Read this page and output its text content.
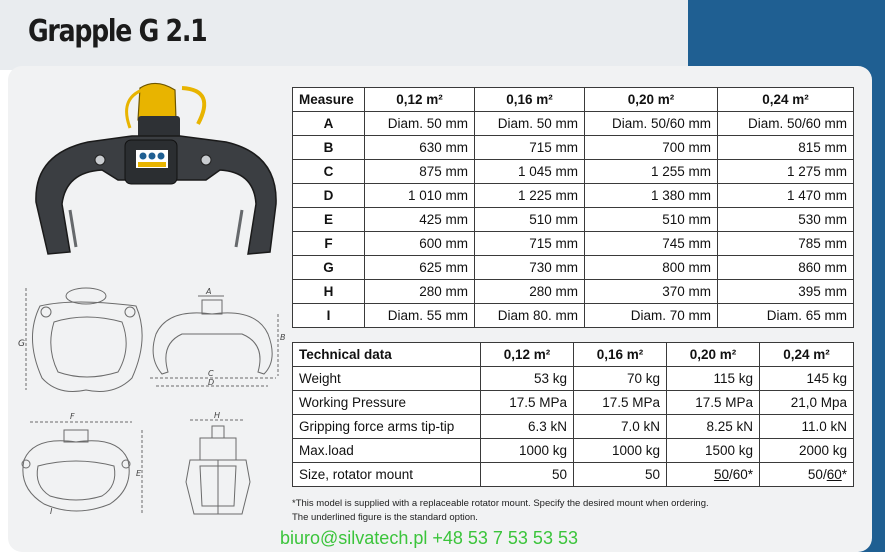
Grapple G 2.1
G
A
B
C
D
F
E
I
H
Measure	0,12 m²	0,16 m²	0,20 m²	0,24 m²
A	Diam. 50 mm	Diam. 50 mm	Diam. 50/60 mm	Diam. 50/60 mm
B	630 mm	715 mm	700 mm	815 mm
C	875 mm	1 045 mm	1 255 mm	1 275 mm
D	1 010 mm	1 225 mm	1 380 mm	1 470 mm
E	425 mm	510 mm	510 mm	530 mm
F	600 mm	715 mm	745 mm	785 mm
G	625 mm	730 mm	800 mm	860 mm
H	280 mm	280 mm	370 mm	395 mm
I	Diam. 55 mm	Diam 80. mm	Diam. 70 mm	Diam. 65 mm
Technical data	0,12 m²	0,16 m²	0,20 m²	0,24 m²
Weight	53 kg	70 kg	115 kg	145 kg
Working Pressure	17.5 MPa	17.5 MPa	17.5 MPa	21,0 Mpa
Gripping force arms tip-tip	6.3 kN	7.0 kN	8.25 kN	11.0 kN
Max.load	1000 kg	1000 kg	1500 kg	2000 kg
Size, rotator mount	50	50	50/60*	50/60*
*This model is supplied with a replaceable rotator mount. Specify the desired mount when ordering.
The underlined figure is the standard option.
biuro@silvatech.pl +48 53 7 53 53 53
